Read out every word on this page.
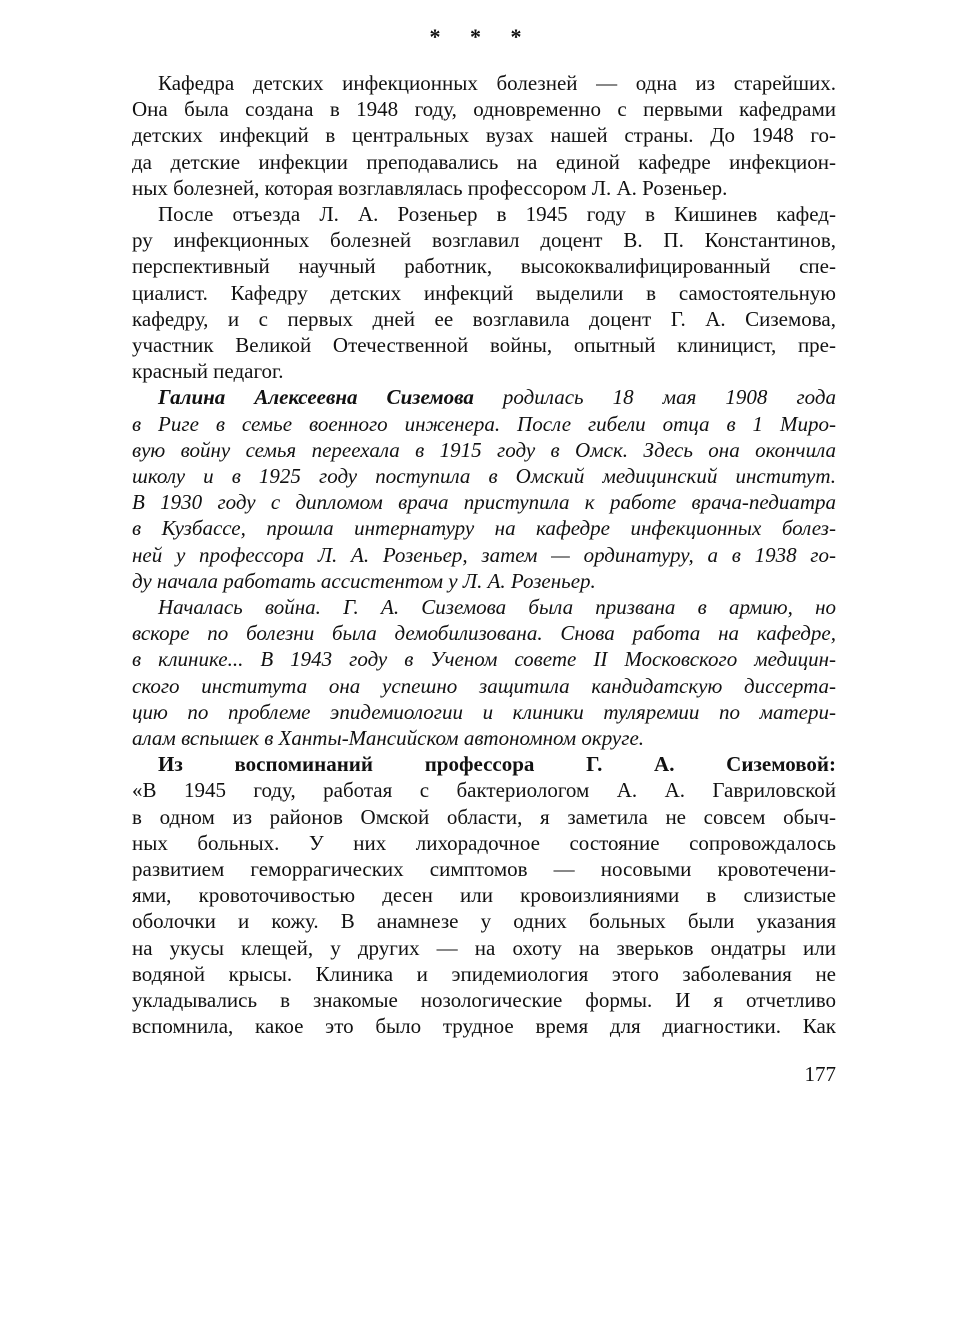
* * *
Кафедра детских инфекционных болезней — одна из старейших.
Она была создана в 1948 году, одновременно с первыми кафедрами
детских инфекций в центральных вузах нашей страны. До 1948 го-
да детские инфекции преподавались на единой кафедре инфекцион-
ных болезней, которая возглавлялась профессором Л. А. Розеньер.
После отъезда Л. А. Розеньер в 1945 году в Кишинев кафед-
ру инфекционных болезней возглавил доцент В. П. Константинов,
перспективный научный работник, высококвалифицированный спе-
циалист. Кафедру детских инфекций выделили в самостоятельную
кафедру, и с первых дней ее возглавила доцент Г. А. Сиземова,
участник Великой Отечественной войны, опытный клиницист, пре-
красный педагог.
Галина Алексеевна Сиземова родилась 18 мая 1908 года
в Риге в семье военного инженера. После гибели отца в 1 Миро-
вую войну семья переехала в 1915 году в Омск. Здесь она окончила
школу и в 1925 году поступила в Омский медицинский институт.
В 1930 году с дипломом врача приступила к работе врача-педиатра
в Кузбассе, прошла интернатуру на кафедре инфекционных болез-
ней у профессора Л. А. Розеньер, затем — ординатуру, а в 1938 го-
ду начала работать ассистентом у Л. А. Розеньер.
Началась война. Г. А. Сиземова была призвана в армию, но
вскоре по болезни была демобилизована. Снова работа на кафедре,
в клинике... В 1943 году в Ученом совете II Московского медицин-
ского института она успешно защитила кандидатскую диссерта-
цию по проблеме эпидемиологии и клиники туляремии по матери-
алам вспышек в Ханты-Мансийском автономном округе.
Из воспоминаний профессора Г. А. Сиземовой:
«В 1945 году, работая с бактериологом А. А. Гавриловской
в одном из районов Омской области, я заметила не совсем обыч-
ных больных. У них лихорадочное состояние сопровождалось
развитием геморрагических симптомов — носовыми кровотечени-
ями, кровоточивостью десен или кровоизлияниями в слизистые
оболочки и кожу. В анамнезе у одних больных были указания
на укусы клещей, у других — на охоту на зверьков ондатры или
водяной крысы. Клиника и эпидемиология этого заболевания не
укладывались в знакомые нозологические формы. И я отчетливо
вспомнила, какое это было трудное время для диагностики. Как
177
